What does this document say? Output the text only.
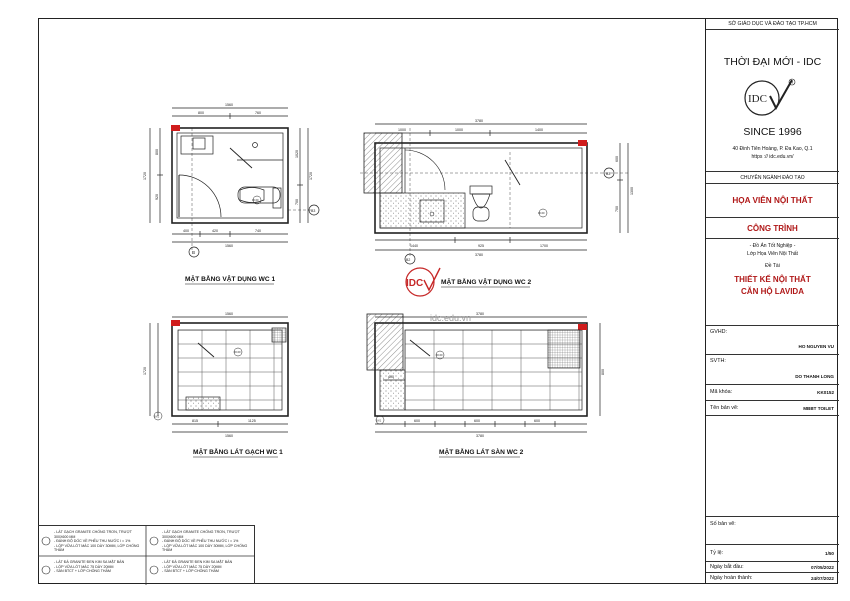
1560
800	760
400	420	740
1560
1720
800
920
1720
1020
700
B
B3
±0.00
MẶT BẰNG VẬT DỤNG WC 1
3780
1000	1000	1400
1440	925	1700
3780
1300
600
700
B2
B3
±0.00
IDC	MẶT BẰNG VẬT DỤNG WC 2
1560
815	1125
1560
1720
B.K1
±0.00
MẶT BẰNG LÁT GẠCH WC 1
3780
600	600	600
3780
800
400
B.K1
±0.00
idc.edu.vn
MẶT BẰNG LÁT SÀN WC 2
- LÁT GẠCH GRANITE CHỐNG TRƠN, TRƯỢT 300X600 MM
- ĐÁNH ĐỘ DỐC VỀ PHỄU THU NƯỚC i = 1%
- LỚP VỮA LÓT MÁC 100 DÀY 30MM, LỚP CHỐNG THẤM
- LÁT GẠCH GRANITE CHỐNG TRƠN, TRƯỢT 300X600 MM
- ĐÁNH ĐỘ DỐC VỀ PHỄU THU NƯỚC i = 1%
- LỚP VỮA LÓT MÁC 100 DÀY 30MM, LỚP CHỐNG THẤM
- LÁT ĐÁ GRANITE ĐEN KIM SA MẶT BÀN
- LỚP VỮA LÓT MÁC 75 DÀY 20MM
- SÀN BTCT + LỚP CHỐNG THẤM
- LÁT ĐÁ GRANITE ĐEN KIM SA MẶT BÀN
- LỚP VỮA LÓT MÁC 75 DÀY 20MM
- SÀN BTCT + LỚP CHỐNG THẤM
SỞ GIÁO DỤC VÀ ĐÀO TẠO TP.HCM
THỜI ĐẠI MỚI - IDC
IDC
R
SINCE 1996
40 Đinh Tiên Hoàng, P. Đa Kao, Q.1
https :// idc.edu.vn/
CHUYÊN NGÀNH ĐÀO TẠO
HỌA VIÊN NỘI THẤT
CÔNG TRÌNH
- Đồ Án Tốt Nghiệp -
Lớp Họa Viên Nội Thất
Đề Tài
THIẾT KẾ NỘI THẤT
CĂN HỘ LAVIDA
GVHD:
HO NGUYEN VU
SVTH:
DO THANH LONG
Mã khóa:	KK0152
Tên bản vẽ:	MBBT TOILET
Số bản vẽ:
Tỷ lệ:	1/50
Ngày bắt đầu:	07/05/2022
Ngày hoàn thành:	24/07/2022
